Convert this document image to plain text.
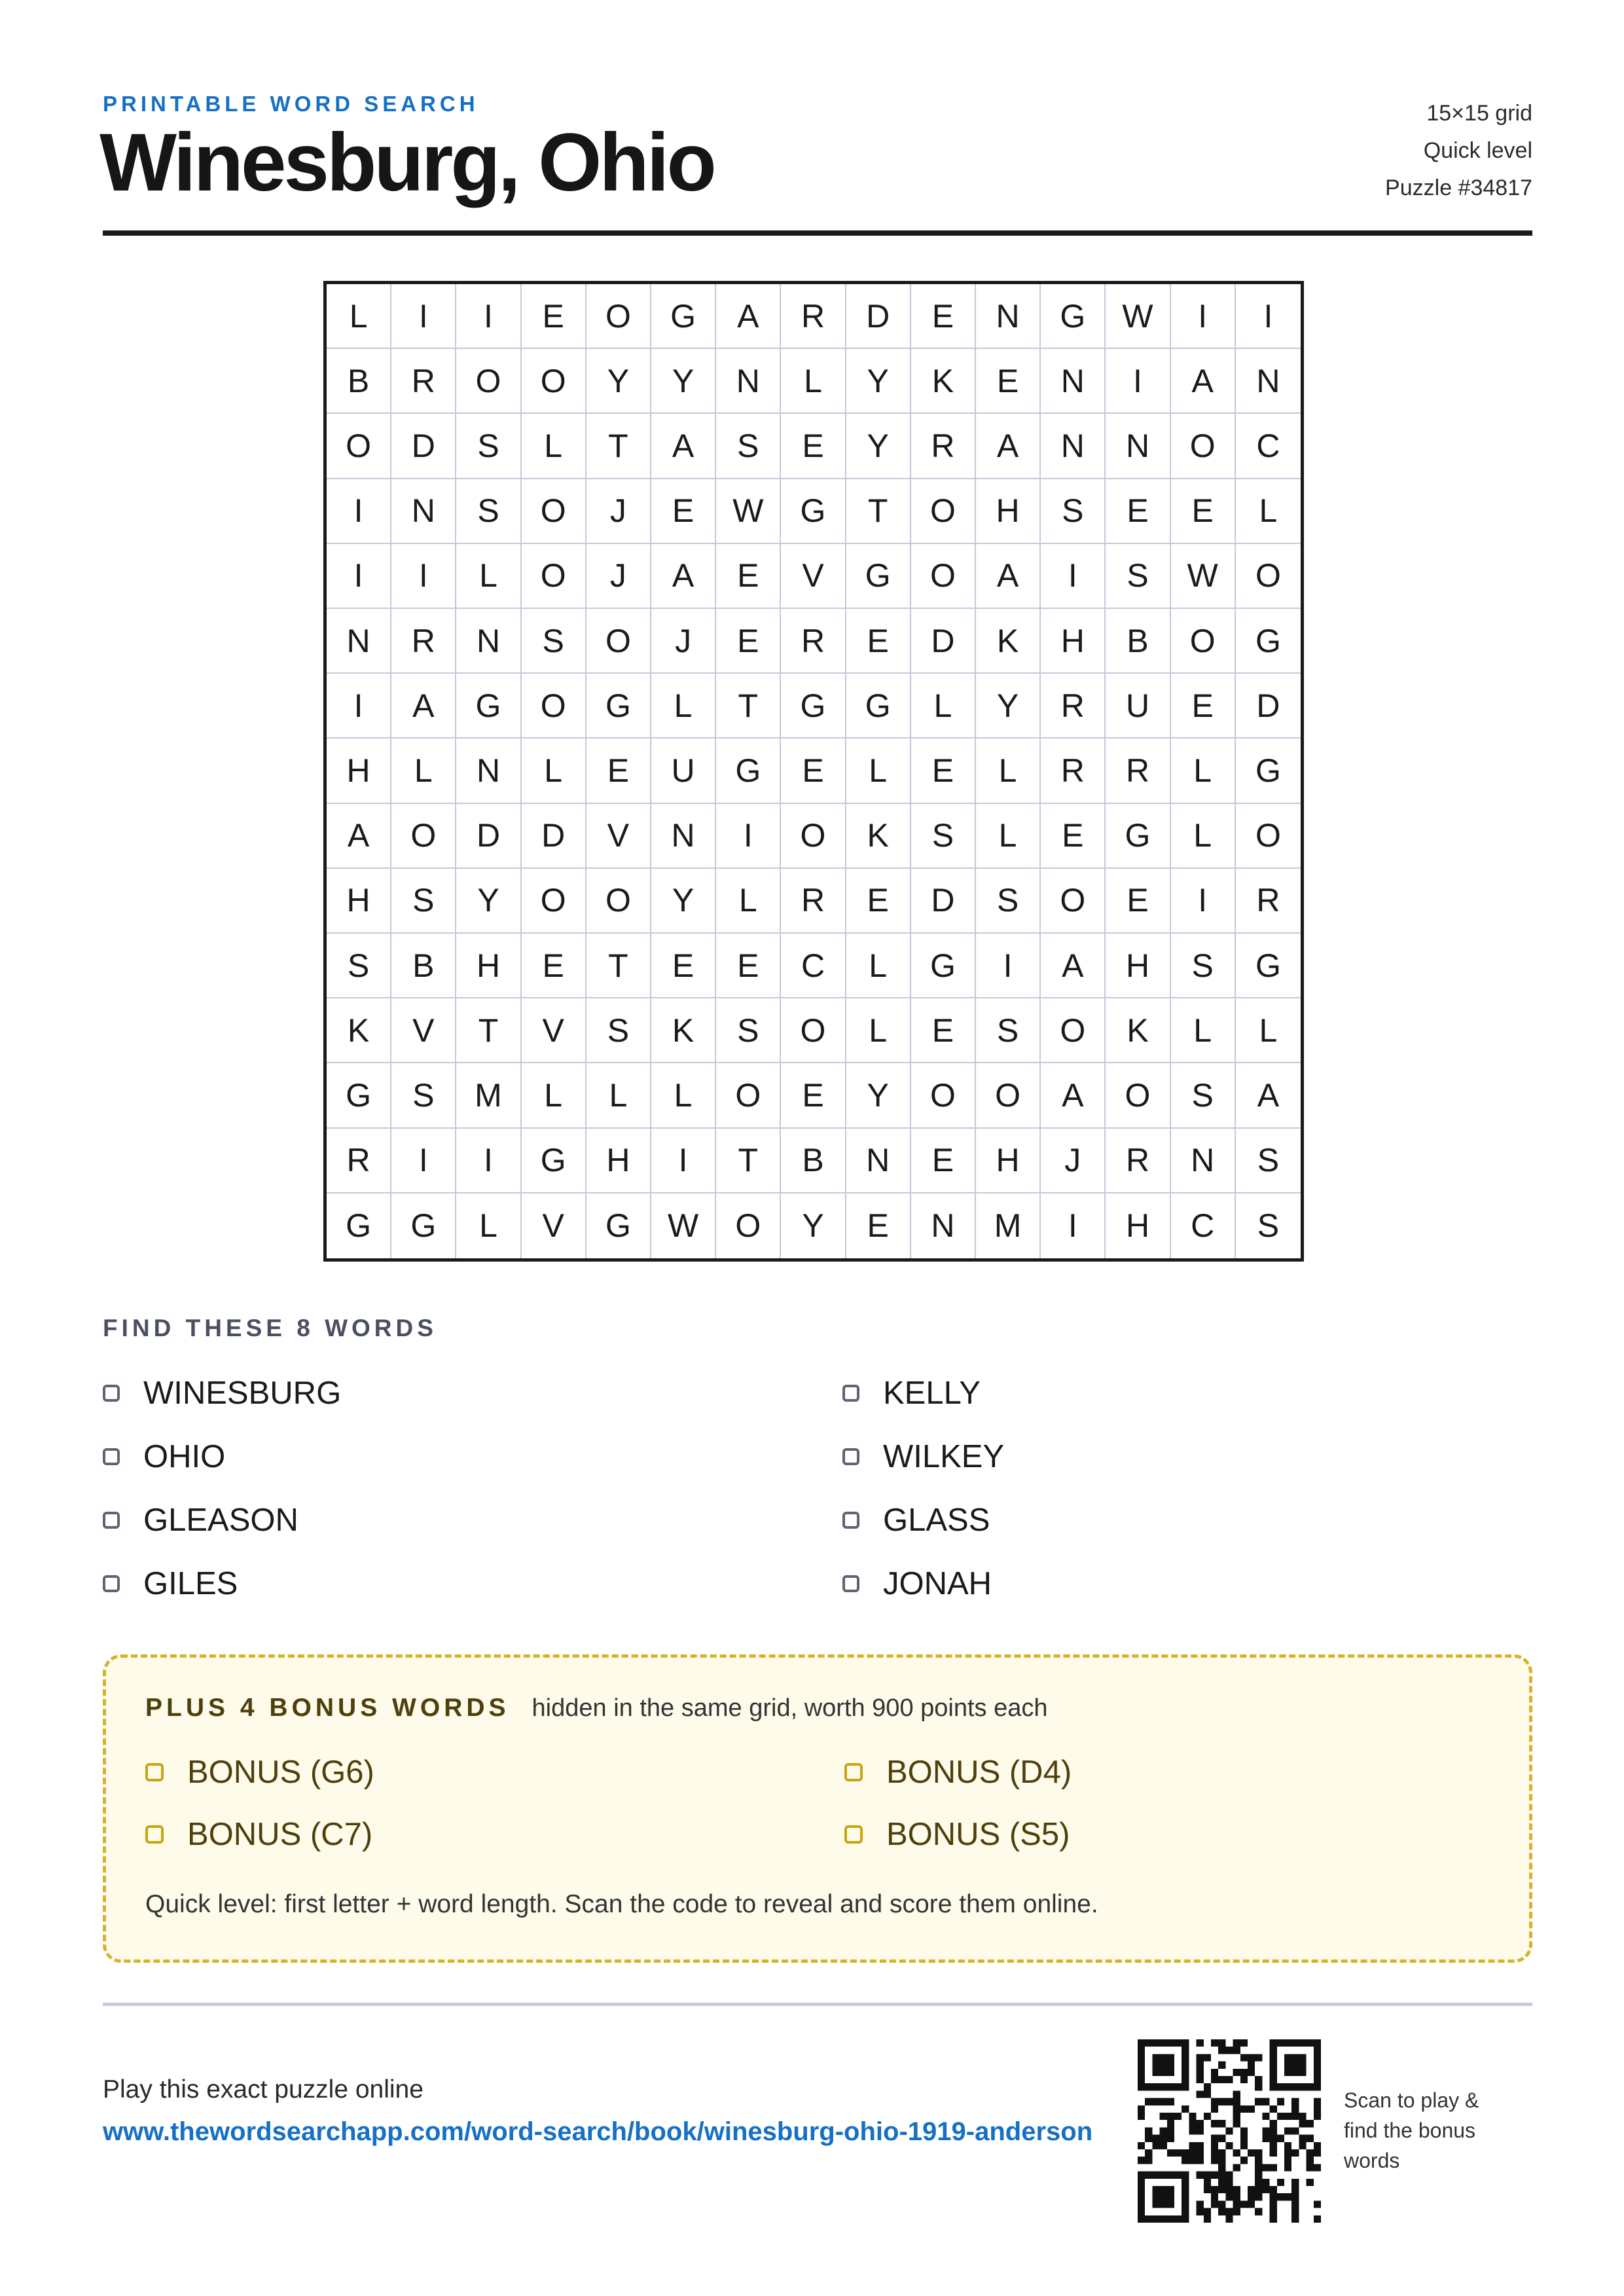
PRINTABLE WORD SEARCH
Winesburg, Ohio
15×15 grid
Quick level
Puzzle #34817
L	I	I	E	O	G	A	R	D	E	N	G	W	I	I
B	R	O	O	Y	Y	N	L	Y	K	E	N	I	A	N
O	D	S	L	T	A	S	E	Y	R	A	N	N	O	C
I	N	S	O	J	E	W	G	T	O	H	S	E	E	L
I	I	L	O	J	A	E	V	G	O	A	I	S	W	O
N	R	N	S	O	J	E	R	E	D	K	H	B	O	G
I	A	G	O	G	L	T	G	G	L	Y	R	U	E	D
H	L	N	L	E	U	G	E	L	E	L	R	R	L	G
A	O	D	D	V	N	I	O	K	S	L	E	G	L	O
H	S	Y	O	O	Y	L	R	E	D	S	O	E	I	R
S	B	H	E	T	E	E	C	L	G	I	A	H	S	G
K	V	T	V	S	K	S	O	L	E	S	O	K	L	L
G	S	M	L	L	L	O	E	Y	O	O	A	O	S	A
R	I	I	G	H	I	T	B	N	E	H	J	R	N	S
G	G	L	V	G	W	O	Y	E	N	M	I	H	C	S
FIND THESE 8 WORDS
WINESBURG
OHIO
GLEASON
GILES
KELLY
WILKEY
GLASS
JONAH
PLUS 4 BONUS WORDS hidden in the same grid, worth 900 points each
BONUS (G6)
BONUS (C7)
BONUS (D4)
BONUS (S5)
Quick level: first letter + word length. Scan the code to reveal and score them online.
Play this exact puzzle online
www.thewordsearchapp.com/word-search/book/winesburg-ohio-1919-anderson
Scan to play & find the bonus words
